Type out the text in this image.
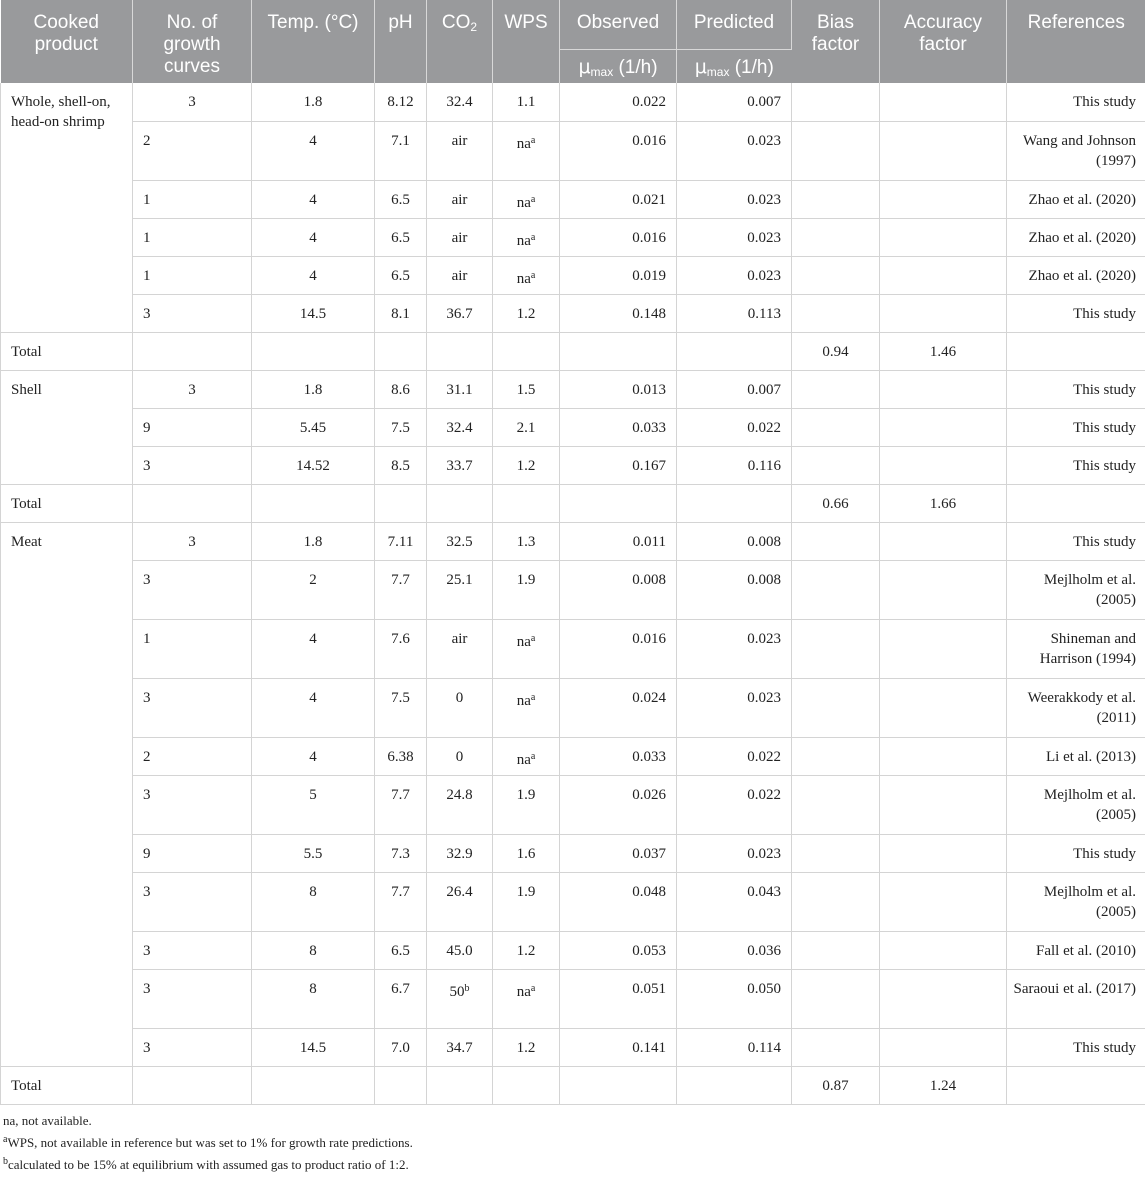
Cooked product	No. of growth curves	Temp. (°C)	pH	$CO_2$	WPS	Observed	Predicted	Bias factor	Accuracy factor	References
						$\mu_{max}$ (1/h)	$\mu_{max}$ (1/h)			
Whole, shell-on, head-on shrimp	3	1.8	8.12	32.4	1.1	0.022	0.007			This study
	2	4	7.1	air	$na^a$	0.016	0.023			Wang and Johnson (1997)
	1	4	6.5	air	$na^a$	0.021	0.023			Zhao et al. (2020)
	1	4	6.5	air	$na^a$	0.016	0.023			Zhao et al. (2020)
	1	4	6.5	air	$na^a$	0.019	0.023			Zhao et al. (2020)
	3	14.5	8.1	36.7	1.2	0.148	0.113			This study
Total								0.94	1.46	
Shell	3	1.8	8.6	31.1	1.5	0.013	0.007			This study
	9	5.45	7.5	32.4	2.1	0.033	0.022			This study
	3	14.52	8.5	33.7	1.2	0.167	0.116			This study
Total								0.66	1.66	
Meat	3	1.8	7.11	32.5	1.3	0.011	0.008			This study
	3	2	7.7	25.1	1.9	0.008	0.008			Mejlholm et al. (2005)
	1	4	7.6	air	$na^a$	0.016	0.023			Shineman and Harrison (1994)
	3	4	7.5	0	$na^a$	0.024	0.023			Weerakkody et al. (2011)
	2	4	6.38	0	$na^a$	0.033	0.022			Li et al. (2013)
	3	5	7.7	24.8	1.9	0.026	0.022			Mejlholm et al. (2005)
	9	5.5	7.3	32.9	1.6	0.037	0.023			This study
	3	8	7.7	26.4	1.9	0.048	0.043			Mejlholm et al. (2005)
	3	8	6.5	45.0	1.2	0.053	0.036			Fall et al. (2010)
	3	8	6.7	50$^b$	$na^a$	0.051	0.050			Saraoui et al. (2017)
	3	14.5	7.0	34.7	1.2	0.141	0.114			This study
Total								0.87	1.24	
na, not available.
$^a$WPS, not available in reference but was set to 1% for growth rate predictions.
$^b$calculated to be 15% at equilibrium with assumed gas to product ratio of 1:2.
